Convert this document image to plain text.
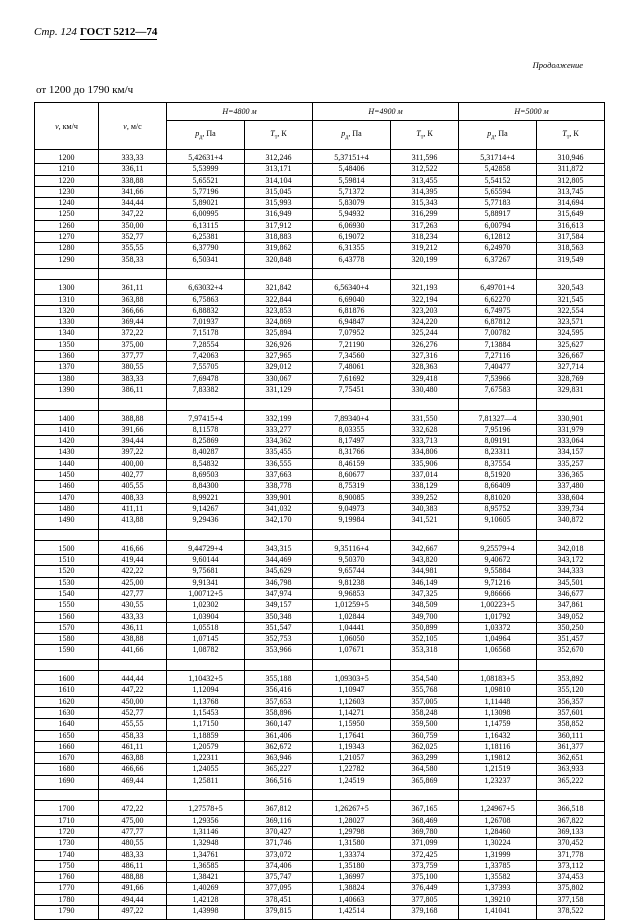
Стр. 124 ГОСТ 5212—74
Продолжение
от 1200 до 1790 км/ч
v, км/ч	v, м/с	H=4800 м		H=4900 м		H=5000 м	
		$p_д$, Па	$T_т$, К	$p_д$, Па	$T_т$, К	$p_д$, Па	$T_т$, К
1200	333,33	5,42631+4	312,246	5,37151+4	311,596	5,31714+4	310,946
1210	336,11	5,53999	313,171	5,48406	312,522	5,42858	311,872
1220	338,88	5,65521	314,104	5,59814	313,455	5,54152	312,805
1230	341,66	5,77196	315,045	5,71372	314,395	5,65594	313,745
1240	344,44	5,89021	315,993	5,83079	315,343	5,77183	314,694
1250	347,22	6,00995	316,949	5,94932	316,299	5,88917	315,649
1260	350,00	6,13115	317,912	6,06930	317,263	6,00794	316,613
1270	352,77	6,25381	318,883	6,19072	318,234	6,12812	317,584
1280	355,55	6,37790	319,862	6,31355	319,212	6,24970	318,563
1290	358,33	6,50341	320,848	6,43778	320,199	6,37267	319,549

1300	361,11	6,63032+4	321,842	6,56340+4	321,193	6,49701+4	320,543
1310	363,88	6,75863	322,844	6,69040	322,194	6,62270	321,545
1320	366,66	6,88832	323,853	6,81876	323,203	6,74975	322,554
1330	369,44	7,01937	324,869	6,94847	324,220	6,87812	323,571
1340	372,22	7,15178	325,894	7,07952	325,244	7,00782	324,595
1350	375,00	7,28554	326,926	7,21190	326,276	7,13884	325,627
1360	377,77	7,42063	327,965	7,34560	327,316	7,27116	326,667
1370	380,55	7,55705	329,012	7,48061	328,363	7,40477	327,714
1380	383,33	7,69478	330,067	7,61692	329,418	7,53966	328,769
1390	386,11	7,83382	331,129	7,75451	330,480	7,67583	329,831

1400	388,88	7,97415+4	332,199	7,89340+4	331,550	7,81327—4	330,901
1410	391,66	8,11578	333,277	8,03355	332,628	7,95196	331,979
1420	394,44	8,25869	334,362	8,17497	333,713	8,09191	333,064
1430	397,22	8,40287	335,455	8,31766	334,806	8,23311	334,157
1440	400,00	8,54832	336,555	8,46159	335,906	8,37554	335,257
1450	402,77	8,69503	337,663	8,60677	337,014	8,51920	336,365
1460	405,55	8,84300	338,778	8,75319	338,129	8,66409	337,480
1470	408,33	8,99221	339,901	8,90085	339,252	8,81020	338,604
1480	411,11	9,14267	341,032	9,04973	340,383	8,95752	339,734
1490	413,88	9,29436	342,170	9,19984	341,521	9,10605	340,872

1500	416,66	9,44729+4	343,315	9,35116+4	342,667	9,25579+4	342,018
1510	419,44	9,60144	344,469	9,50370	343,820	9,40672	343,172
1520	422,22	9,75681	345,629	9,65744	344,981	9,55884	344,333
1530	425,00	9,91341	346,798	9,81238	346,149	9,71216	345,501
1540	427,77	1,00712+5	347,974	9,96853	347,325	9,86666	346,677
1550	430,55	1,02302	349,157	1,01259+5	348,509	1,00223+5	347,861
1560	433,33	1,03904	350,348	1,02844	349,700	1,01792	349,052
1570	436,11	1,05518	351,547	1,04441	350,899	1,03372	350,250
1580	438,88	1,07145	352,753	1,06050	352,105	1,04964	351,457
1590	441,66	1,08782	353,966	1,07671	353,318	1,06568	352,670

1600	444,44	1,10432+5	355,188	1,09303+5	354,540	1,08183+5	353,892
1610	447,22	1,12094	356,416	1,10947	355,768	1,09810	355,120
1620	450,00	1,13768	357,653	1,12603	357,005	1,11448	356,357
1630	452,77	1,15453	358,896	1,14271	358,248	1,13098	357,601
1640	455,55	1,17150	360,147	1,15950	359,500	1,14759	358,852
1650	458,33	1,18859	361,406	1,17641	360,759	1,16432	360,111
1660	461,11	1,20579	362,672	1,19343	362,025	1,18116	361,377
1670	463,88	1,22311	363,946	1,21057	363,299	1,19812	362,651
1680	466,66	1,24055	365,227	1,22782	364,580	1,21519	363,933
1690	469,44	1,25811	366,516	1,24519	365,869	1,23237	365,222

1700	472,22	1,27578+5	367,812	1,26267+5	367,165	1,24967+5	366,518
1710	475,00	1,29356	369,116	1,28027	368,469	1,26708	367,822
1720	477,77	1,31146	370,427	1,29798	369,780	1,28460	369,133
1730	480,55	1,32948	371,746	1,31580	371,099	1,30224	370,452
1740	483,33	1,34761	373,072	1,33374	372,425	1,31999	371,778
1750	486,11	1,36585	374,406	1,35180	373,759	1,33785	373,112
1760	488,88	1,38421	375,747	1,36997	375,100	1,35582	374,453
1770	491,66	1,40269	377,095	1,38824	376,449	1,37393	375,802
1780	494,44	1,42128	378,451	1,40663	377,805	1,39210	377,158
1790	497,22	1,43998	379,815	1,42514	379,168	1,41041	378,522
